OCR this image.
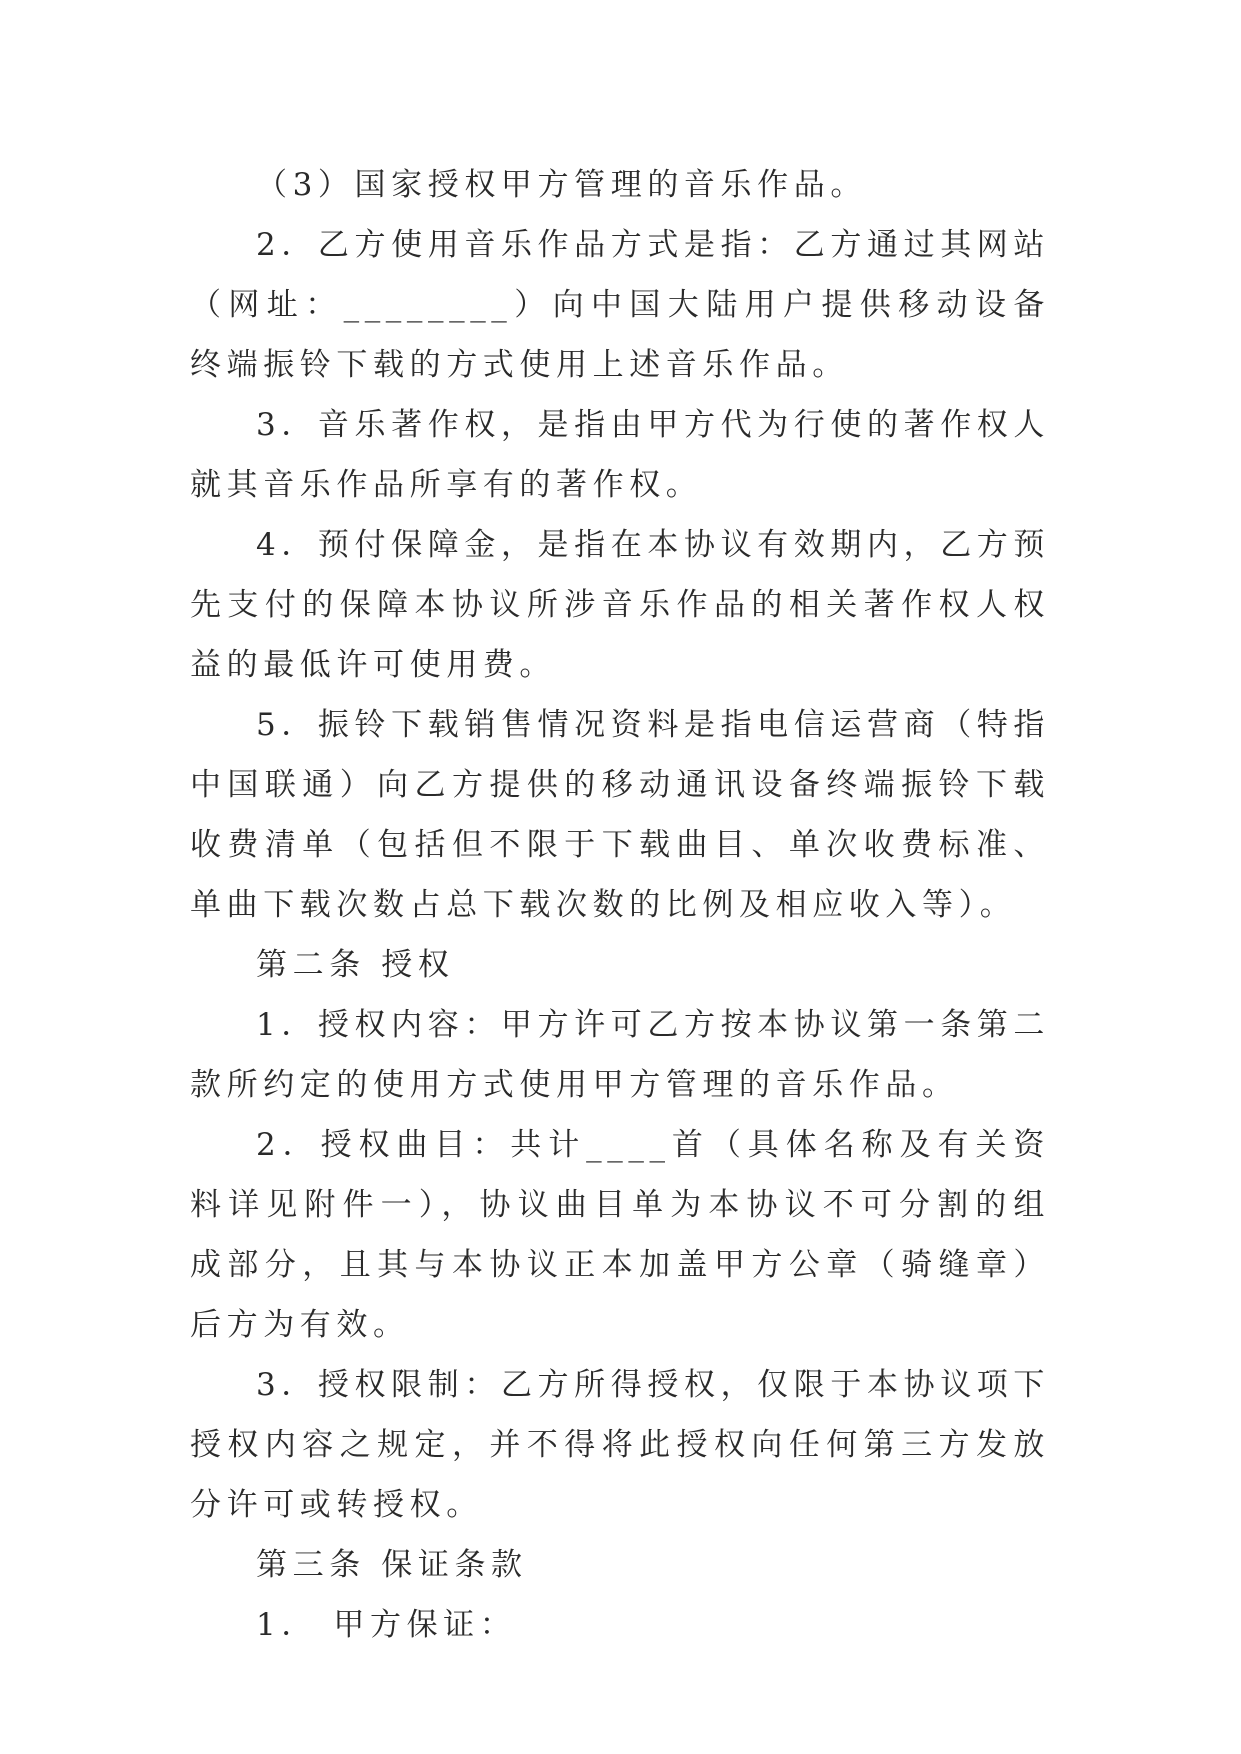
（3）国家授权甲方管理的音乐作品。

2．乙方使用音乐作品方式是指：乙方通过其网站（网址：________）向中国大陆用户提供移动设备终端振铃下载的方式使用上述音乐作品。

3．音乐著作权，是指由甲方代为行使的著作权人就其音乐作品所享有的著作权。

4．预付保障金，是指在本协议有效期内，乙方预先支付的保障本协议所涉音乐作品的相关著作权人权益的最低许可使用费。

5．振铃下载销售情况资料是指电信运营商（特指中国联通）向乙方提供的移动通讯设备终端振铃下载收费清单（包括但不限于下载曲目、单次收费标准、单曲下载次数占总下载次数的比例及相应收入等）。

第二条 授权

1．授权内容：甲方许可乙方按本协议第一条第二款所约定的使用方式使用甲方管理的音乐作品。

2．授权曲目：共计____首（具体名称及有关资料详见附件一），协议曲目单为本协议不可分割的组成部分，且其与本协议正本加盖甲方公章（骑缝章）后方为有效。

3．授权限制：乙方所得授权，仅限于本协议项下授权内容之规定，并不得将此授权向任何第三方发放分许可或转授权。

第三条 保证条款

1． 甲方保证：
